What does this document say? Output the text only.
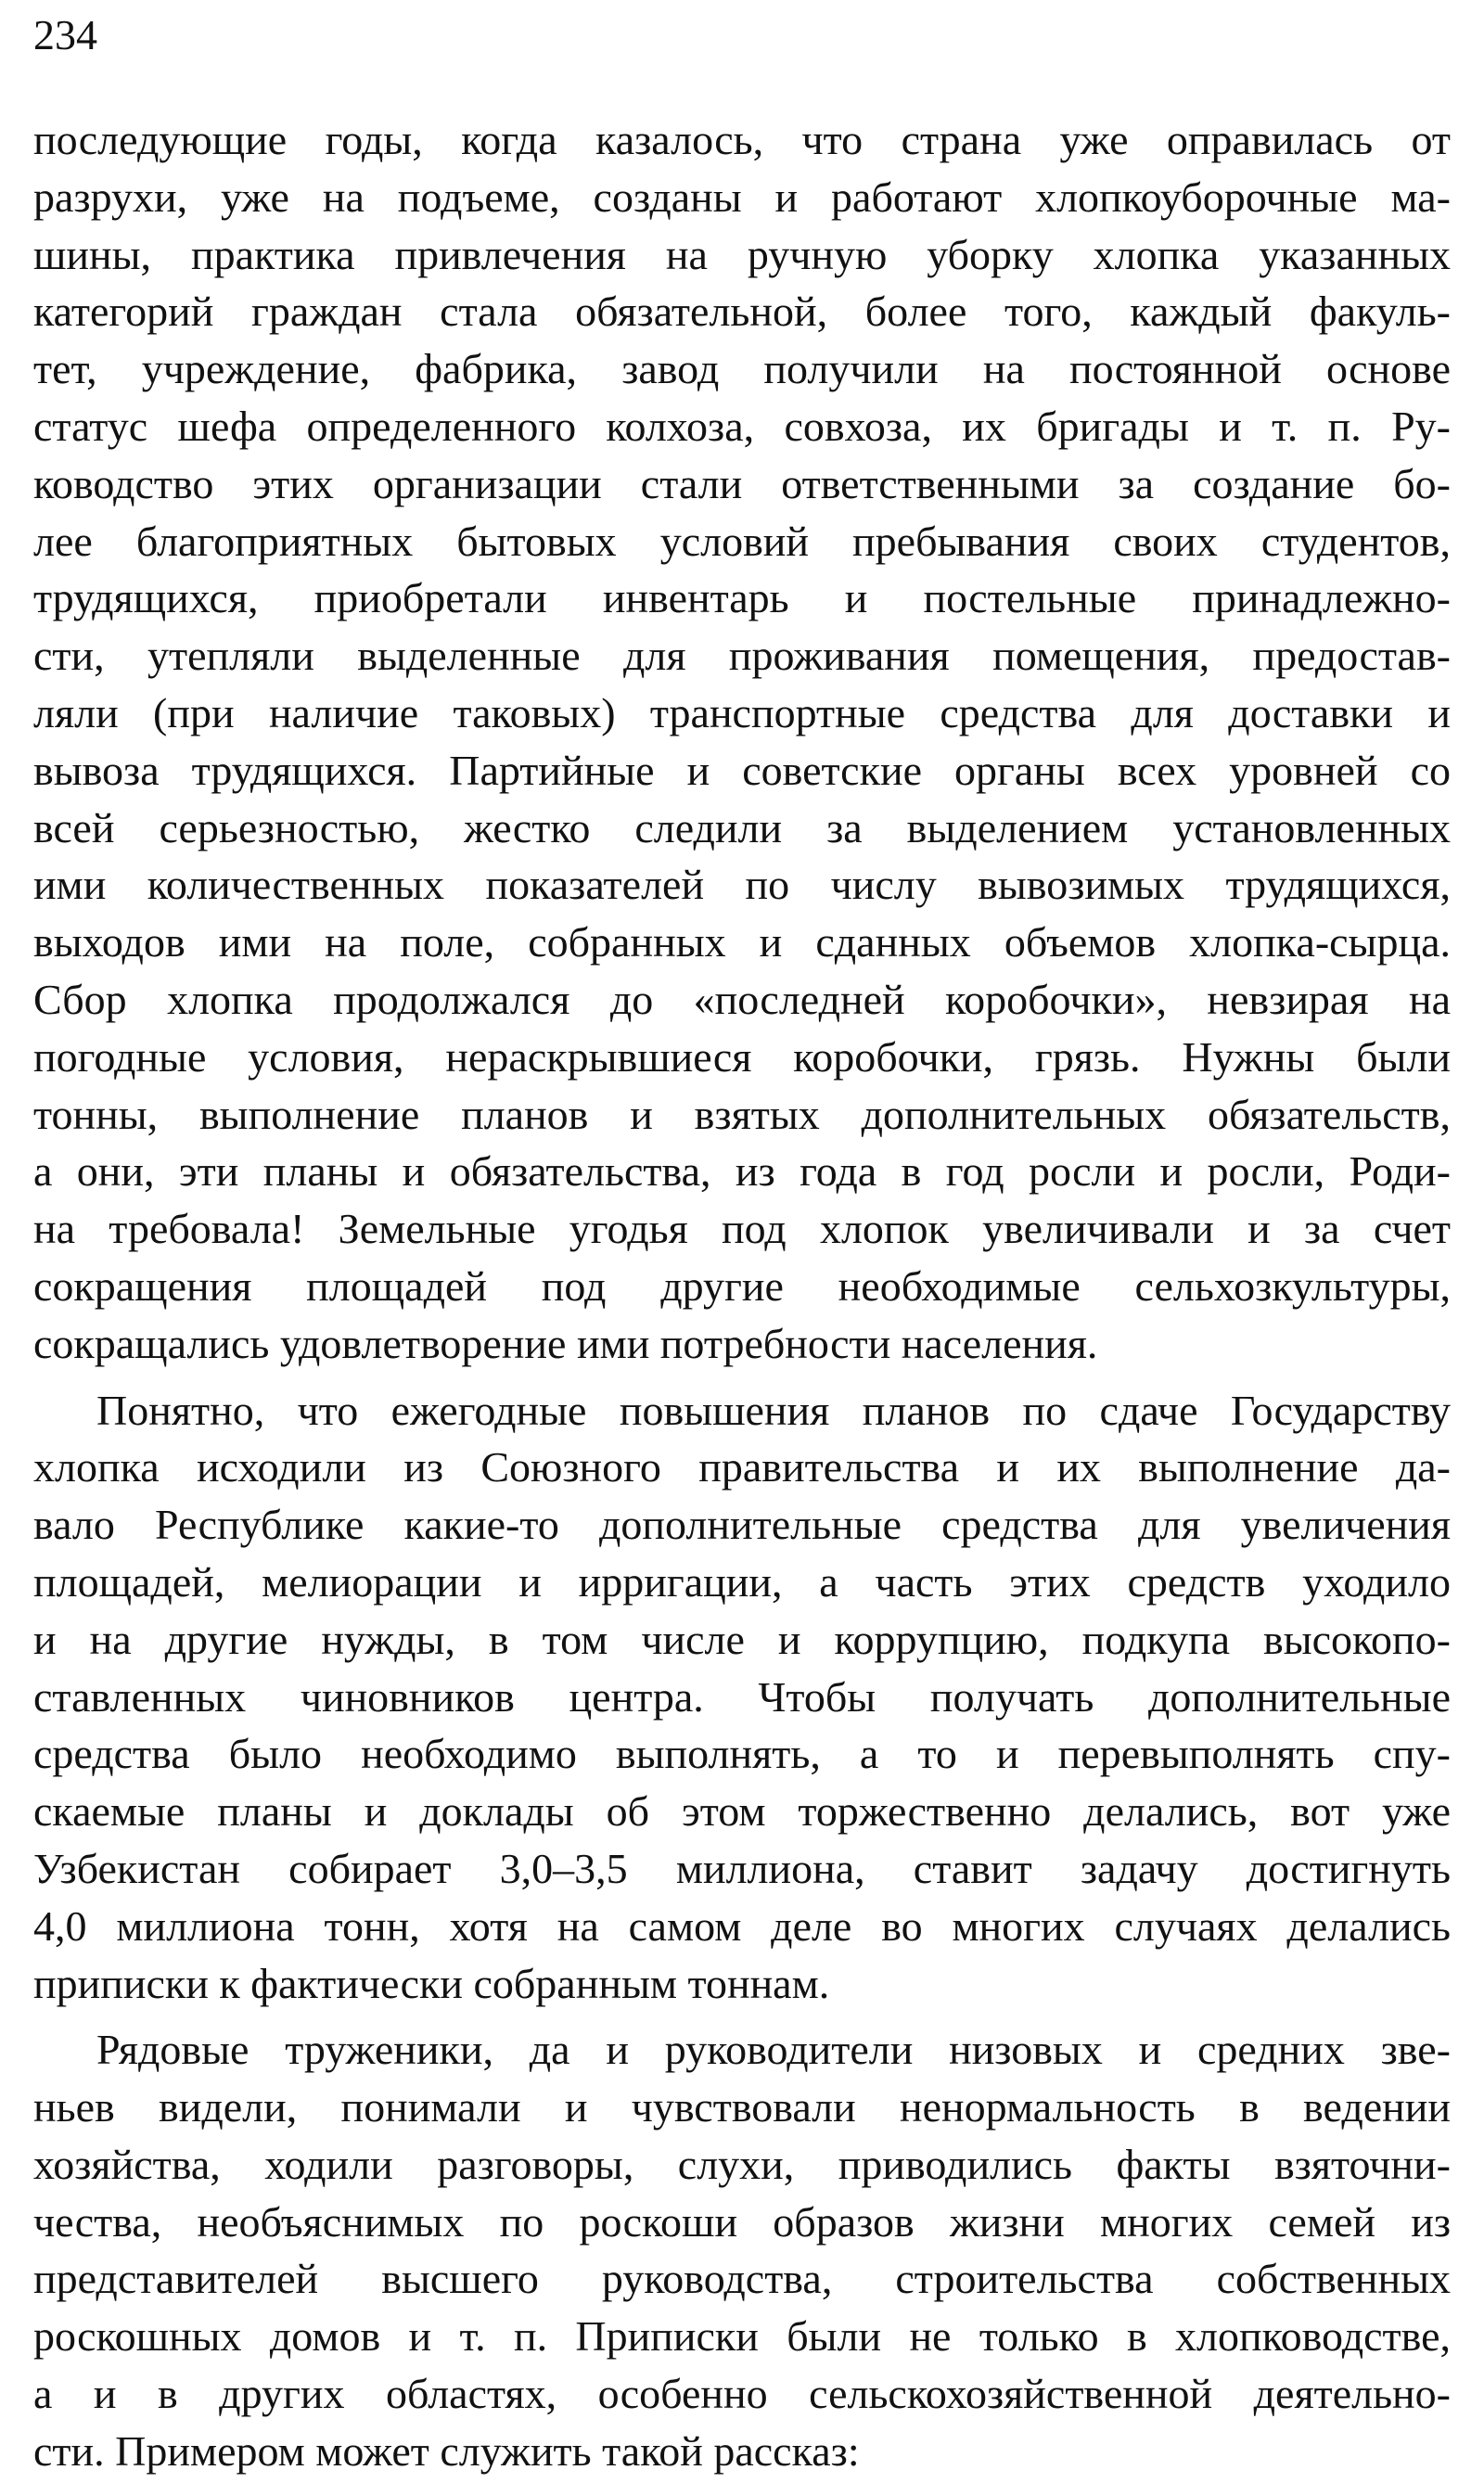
234
последующие годы, когда казалось, что страна уже оправилась от
разрухи, уже на подъеме, созданы и работают хлопкоуборочные ма-
шины, практика привлечения на ручную уборку хлопка указанных
категорий граждан стала обязательной, более того, каждый факуль-
тет, учреждение, фабрика, завод получили на постоянной основе
статус шефа определенного колхоза, совхоза, их бригады и т. п. Ру-
ководство этих организации стали ответственными за создание бо-
лее благоприятных бытовых условий пребывания своих студентов,
трудящихся, приобретали инвентарь и постельные принадлежно-
сти, утепляли выделенные для проживания помещения, предостав-
ляли (при наличие таковых) транспортные средства для доставки и
вывоза трудящихся. Партийные и советские органы всех уровней со
всей серьезностью, жестко следили за выделением установленных
ими количественных показателей по числу вывозимых трудящихся,
выходов ими на поле, собранных и сданных объемов хлопка-сырца.
Сбор хлопка продолжался до «последней коробочки», невзирая на
погодные условия, нераскрывшиеся коробочки, грязь. Нужны были
тонны, выполнение планов и взятых дополнительных обязательств,
а они, эти планы и обязательства, из года в год росли и росли, Роди-
на требовала! Земельные угодья под хлопок увеличивали и за счет
сокращения площадей под другие необходимые сельхозкультуры,
сокращались удовлетворение ими потребности населения.
Понятно, что ежегодные повышения планов по сдаче Государству
хлопка исходили из Союзного правительства и их выполнение да-
вало Республике какие-то дополнительные средства для увеличения
площадей, мелиорации и ирригации, а часть этих средств уходило
и на другие нужды, в том числе и коррупцию, подкупа высокопо-
ставленных чиновников центра. Чтобы получать дополнительные
средства было необходимо выполнять, а то и перевыполнять спу-
скаемые планы и доклады об этом торжественно делались, вот уже
Узбекистан собирает 3,0–3,5 миллиона, ставит задачу достигнуть
4,0 миллиона тонн, хотя на самом деле во многих случаях делались
приписки к фактически собранным тоннам.
Рядовые труженики, да и руководители низовых и средних зве-
ньев видели, понимали и чувствовали ненормальность в ведении
хозяйства, ходили разговоры, слухи, приводились факты взяточни-
чества, необъяснимых по роскоши образов жизни многих семей из
представителей высшего руководства, строительства собственных
роскошных домов и т. п. Приписки были не только в хлопководстве,
а и в других областях, особенно сельскохозяйственной деятельно-
сти. Примером может служить такой рассказ:
